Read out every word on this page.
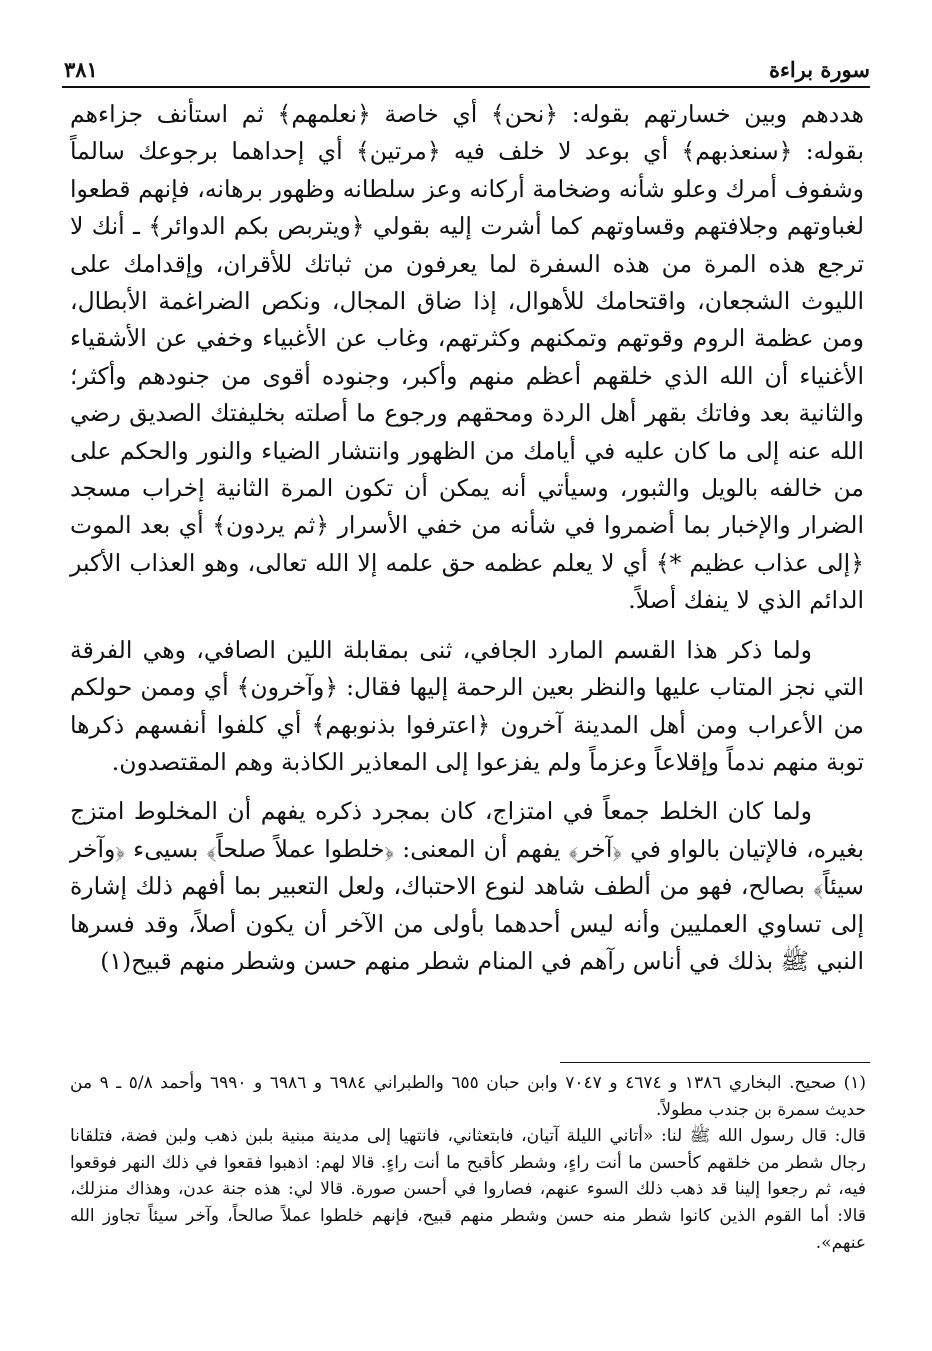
سورة براءة
٣٨١

هددهم وبين خسارتهم بقوله: ﴿نحن﴾ أي خاصة ﴿نعلمهم﴾ ثم استأنف جزاءهم بقوله: ﴿سنعذبهم﴾ أي بوعد لا خلف فيه ﴿مرتين﴾ أي إحداهما برجوعك سالماً وشفوف أمرك وعلو شأنه وضخامة أركانه وعز سلطانه وظهور برهانه، فإنهم قطعوا لغباوتهم وجلافتهم وقساوتهم كما أشرت إليه بقولي ﴿ويتربص بكم الدوائر﴾ ـ أنك لا ترجع هذه المرة من هذه السفرة لما يعرفون من ثباتك للأقران، وإقدامك على الليوث الشجعان، واقتحامك للأهوال، إذا ضاق المجال، ونكص الضراغمة الأبطال، ومن عظمة الروم وقوتهم وتمكنهم وكثرتهم، وغاب عن الأغبياء وخفي عن الأشقياء الأغنياء أن الله الذي خلقهم أعظم منهم وأكبر، وجنوده أقوى من جنودهم وأكثر؛ والثانية بعد وفاتك بقهر أهل الردة ومحقهم ورجوع ما أصلته بخليفتك الصديق رضي الله عنه إلى ما كان عليه في أيامك من الظهور وانتشار الضياء والنور والحكم على من خالفه بالويل والثبور، وسيأتي أنه يمكن أن تكون المرة الثانية إخراب مسجد الضرار والإخبار بما أضمروا في شأنه من خفي الأسرار ﴿ثم يردون﴾ أي بعد الموت ﴿إلى عذاب عظيم *﴾ أي لا يعلم عظمه حق علمه إلا الله تعالى، وهو العذاب الأكبر الدائم الذي لا ينفك أصلاً.

ولما ذكر هذا القسم المارد الجافي، ثنى بمقابلة اللين الصافي، وهي الفرقة التي نجز المتاب عليها والنظر بعين الرحمة إليها فقال: ﴿وآخرون﴾ أي وممن حولكم من الأعراب ومن أهل المدينة آخرون ﴿اعترفوا بذنوبهم﴾ أي كلفوا أنفسهم ذكرها توبة منهم ندماً وإقلاعاً وعزماً ولم يفزعوا إلى المعاذير الكاذبة وهم المقتصدون.

ولما كان الخلط جمعاً في امتزاج، كان بمجرد ذكره يفهم أن المخلوط امتزج بغيره، فالإتيان بالواو في ﴿آخر﴾ يفهم أن المعنى: ﴿خلطوا عملاً صلحاً﴾ بسيىء ﴿وآخر سيئاً﴾ بصالح، فهو من ألطف شاهد لنوع الاحتباك، ولعل التعبير بما أفهم ذلك إشارة إلى تساوي العمليين وأنه ليس أحدهما بأولى من الآخر أن يكون أصلاً، وقد فسرها النبي ﷺ بذلك في أناس رآهم في المنام شطر منهم حسن وشطر منهم قبيح(١)

(١) صحيح. البخاري ١٣٨٦ و ٤٦٧٤ و ٧٠٤٧ وابن حبان ٦٥٥ والطبراني ٦٩٨٤ و ٦٩٨٦ و ٦٩٩٠ وأحمد ٥/٨ ـ ٩ من حديث سمرة بن جندب مطولاً.

قال: قال رسول الله ﷺ لنا: «أتاني الليلة آتيان، فابتعثاني، فانتهيا إلى مدينة مبنية بلبن ذهب ولبن فضة، فتلقانا رجال شطر من خلقهم كأحسن ما أنت راءٍ، وشطر كأقبح ما أنت راءٍ. قالا لهم: اذهبوا فقعوا في ذلك النهر فوقعوا فيه، ثم رجعوا إلينا قد ذهب ذلك السوء عنهم، فصاروا في أحسن صورة. قالا لي: هذه جنة عدن، وهذاك منزلك، قالا: أما القوم الذين كانوا شطر منه حسن وشطر منهم قبيح، فإنهم خلطوا عملاً صالحاً، وآخر سيئاً تجاوز الله عنهم».
